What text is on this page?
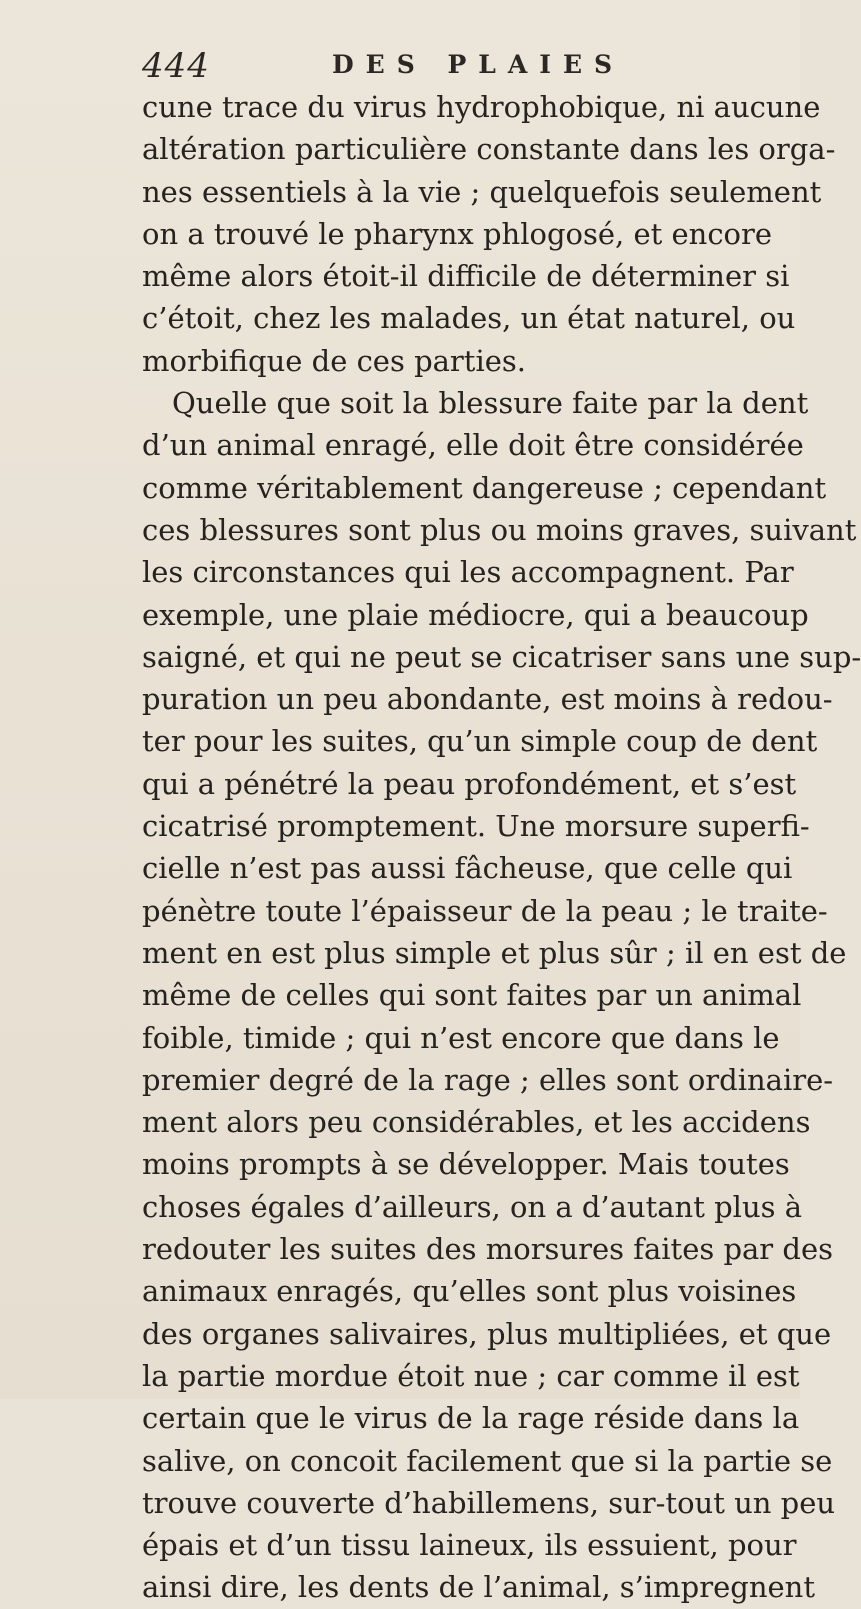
444	DES PLAIES
cune trace du virus hydrophobique, ni aucune
altération particulière constante dans les orga-
nes essentiels à la vie ; quelquefois seulement
on a trouvé le pharynx phlogosé, et encore
même alors étoit-il difficile de déterminer si
c’étoit, chez les malades, un état naturel, ou
morbifique de ces parties.
Quelle que soit la blessure faite par la dent
d’un animal enragé, elle doit être considérée
comme véritablement dangereuse ; cependant
ces blessures sont plus ou moins graves, suivant
les circonstances qui les accompagnent. Par
exemple, une plaie médiocre, qui a beaucoup
saigné, et qui ne peut se cicatriser sans une sup-
puration un peu abondante, est moins à redou-
ter pour les suites, qu’un simple coup de dent
qui a pénétré la peau profondément, et s’est
cicatrisé promptement. Une morsure superfi-
cielle n’est pas aussi fâcheuse, que celle qui
pénètre toute l’épaisseur de la peau ; le traite-
ment en est plus simple et plus sûr ; il en est de
même de celles qui sont faites par un animal
foible, timide ; qui n’est encore que dans le
premier degré de la rage ; elles sont ordinaire-
ment alors peu considérables, et les accidens
moins prompts à se développer. Mais toutes
choses égales d’ailleurs, on a d’autant plus à
redouter les suites des morsures faites par des
animaux enragés, qu’elles sont plus voisines
des organes salivaires, plus multipliées, et que
la partie mordue étoit nue ; car comme il est
certain que le virus de la rage réside dans la
salive, on concoit facilement que si la partie se
trouve couverte d’habillemens, sur-tout un peu
épais et d’un tissu laineux, ils essuient, pour
ainsi dire, les dents de l’animal, s’impregnent
